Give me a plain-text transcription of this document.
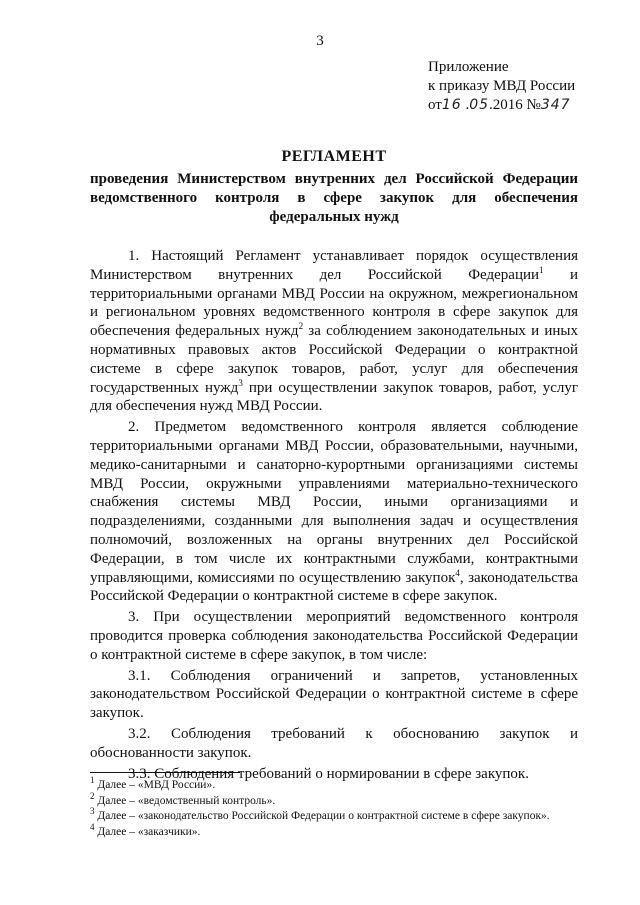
3
Приложение
к приказу МВД России
от16 .05.2016 №347
РЕГЛАМЕНТ
проведения Министерством внутренних дел Российской Федерации ведомственного контроля в сфере закупок для обеспечения федеральных нужд

1. Настоящий Регламент устанавливает порядок осуществления Министерством внутренних дел Российской Федерации$^1$ и территориальными органами МВД России на окружном, межрегиональном и региональном уровнях ведомственного контроля в сфере закупок для обеспечения федеральных нужд$^2$ за соблюдением законодательных и иных нормативных правовых актов Российской Федерации о контрактной системе в сфере закупок товаров, работ, услуг для обеспечения государственных нужд$^3$ при осуществлении закупок товаров, работ, услуг для обеспечения нужд МВД России.

2. Предметом ведомственного контроля является соблюдение территориальными органами МВД России, образовательными, научными, медико-санитарными и санаторно-курортными организациями системы МВД России, окружными управлениями материально-технического снабжения системы МВД России, иными организациями и подразделениями, созданными для выполнения задач и осуществления полномочий, возложенных на органы внутренних дел Российской Федерации, в том числе их контрактными службами, контрактными управляющими, комиссиями по осуществлению закупок$^4$, законодательства Российской Федерации о контрактной системе в сфере закупок.

3. При осуществлении мероприятий ведомственного контроля проводится проверка соблюдения законодательства Российской Федерации о контрактной системе в сфере закупок, в том числе:

3.1. Соблюдения ограничений и запретов, установленных законодательством Российской Федерации о контрактной системе в сфере закупок.

3.2. Соблюдения требований к обоснованию закупок и обоснованности закупок.

3.3. Соблюдения требований о нормировании в сфере закупок.

$^1$ Далее – «МВД России».
$^2$ Далее – «ведомственный контроль».
$^3$ Далее – «законодательство Российской Федерации о контрактной системе в сфере закупок».
$^4$ Далее – «заказчики».
